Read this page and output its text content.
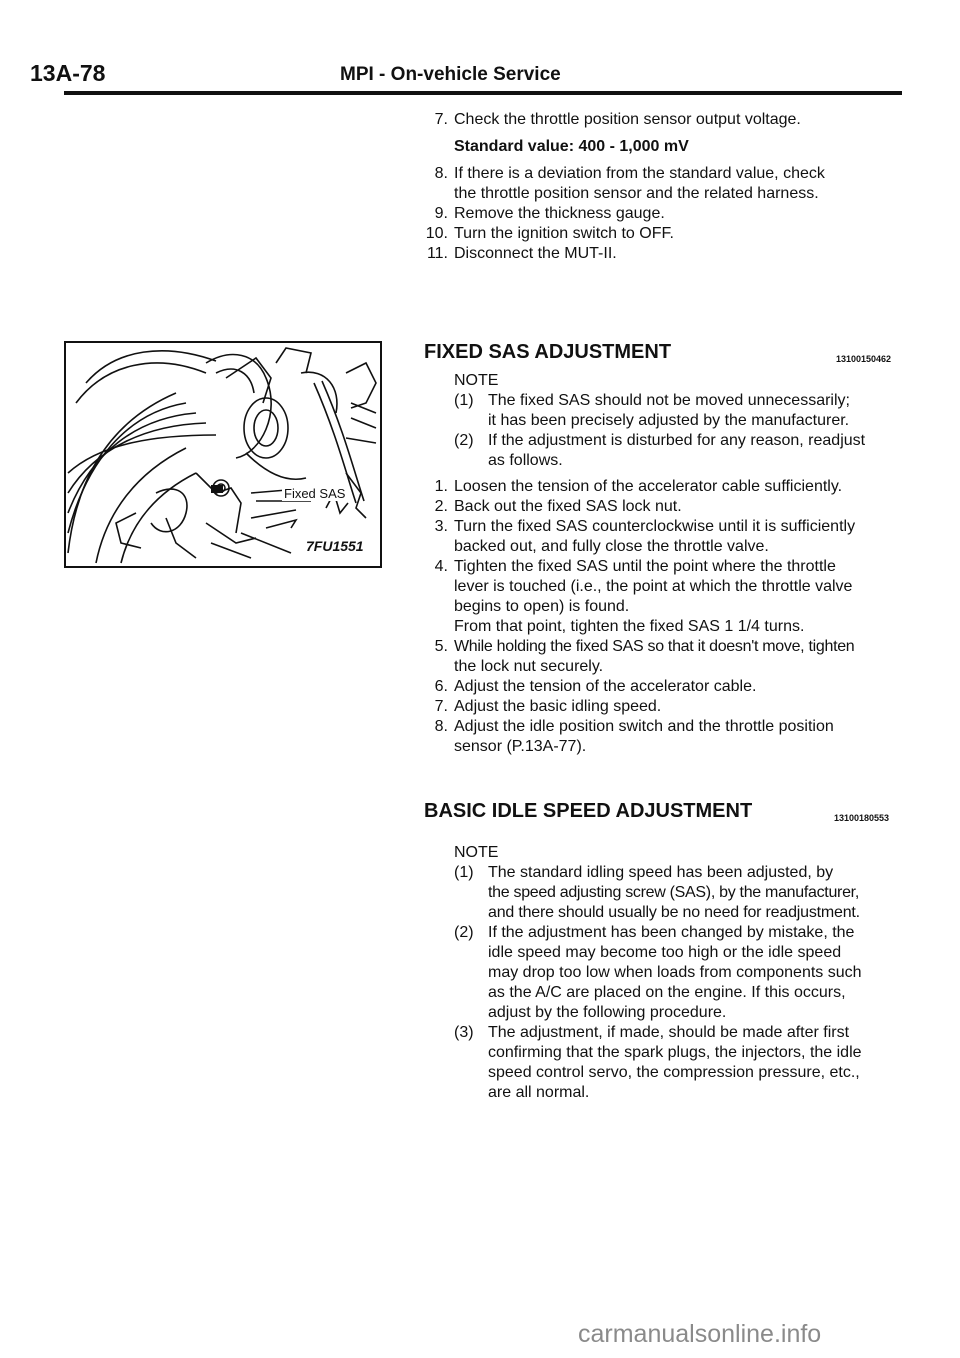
13A-78	MPI - On-vehicle Service
7. Check the throttle position sensor output voltage.
Standard value: 400 - 1,000 mV
8. If there is a deviation from the standard value, check
the throttle position sensor and the related harness.
9. Remove the thickness gauge.
10. Turn the ignition switch to OFF.
11. Disconnect the MUT-II.
Fixed SAS
7FU1551
FIXED SAS ADJUSTMENT	13100150462
NOTE
(1) The fixed SAS should not be moved unnecessarily;
it has been precisely adjusted by the manufacturer.
(2) If the adjustment is disturbed for any reason, readjust
as follows.
1. Loosen the tension of the accelerator cable sufficiently.
2. Back out the fixed SAS lock nut.
3. Turn the fixed SAS counterclockwise until it is sufficiently
backed out, and fully close the throttle valve.
4. Tighten the fixed SAS until the point where the throttle
lever is touched (i.e., the point at which the throttle valve
begins to open) is found.
From that point, tighten the fixed SAS 1 1/4 turns.
5. While holding the fixed SAS so that it doesn't move, tighten
the lock nut securely.
6. Adjust the tension of the accelerator cable.
7. Adjust the basic idling speed.
8. Adjust the idle position switch and the throttle position
sensor (P.13A-77).
BASIC IDLE SPEED ADJUSTMENT	13100180553
NOTE
(1) The standard idling speed has been adjusted, by
the speed adjusting screw (SAS), by the manufacturer,
and there should usually be no need for readjustment.
(2) If the adjustment has been changed by mistake, the
idle speed may become too high or the idle speed
may drop too low when loads from components such
as the A/C are placed on the engine. If this occurs,
adjust by the following procedure.
(3) The adjustment, if made, should be made after first
confirming that the spark plugs, the injectors, the idle
speed control servo, the compression pressure, etc.,
are all normal.
carmanualsonline.info
